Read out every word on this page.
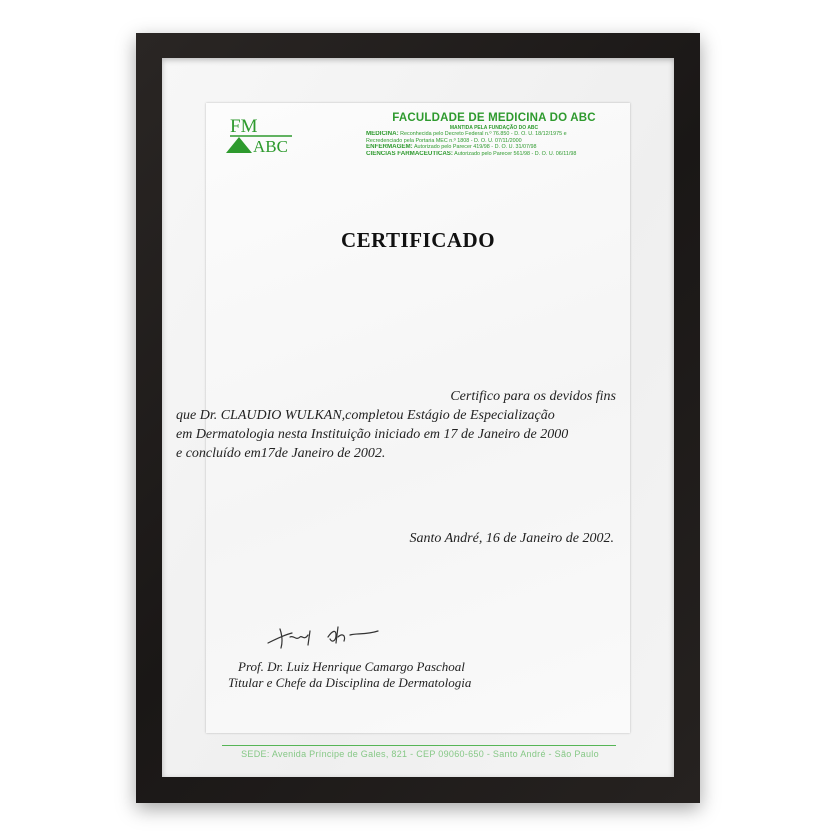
FM
ABC
FACULDADE DE MEDICINA DO ABC
MANTIDA PELA FUNDAÇÃO DO ABC
MEDICINA: Reconhecida pelo Decreto Federal n.º 76.850 - D. O. U. 18/12/1975 e
Recredenciado pela Portaria MEC n.º 1808 - D. O. U. 07/11/2000
ENFERMAGEM: Autorizado pelo Parecer 419/98 - D. O. U. 31/07/98
CIÊNCIAS FARMACÊUTICAS: Autorizado pelo Parecer 561/98 - D. O. U. 06/11/98
CERTIFICADO
Certifico para os devidos fins
que Dr. CLAUDIO WULKAN,completou Estágio de Especialização
em Dermatologia nesta Instituição iniciado em 17 de Janeiro de 2000
e concluído em17de Janeiro de 2002.
Santo André, 16 de Janeiro de 2002.
Prof. Dr. Luiz Henrique Camargo Paschoal
Titular e Chefe da Disciplina de Dermatologia
SEDE: Avenida Príncipe de Gales, 821 - CEP 09060-650 - Santo André - São Paulo
